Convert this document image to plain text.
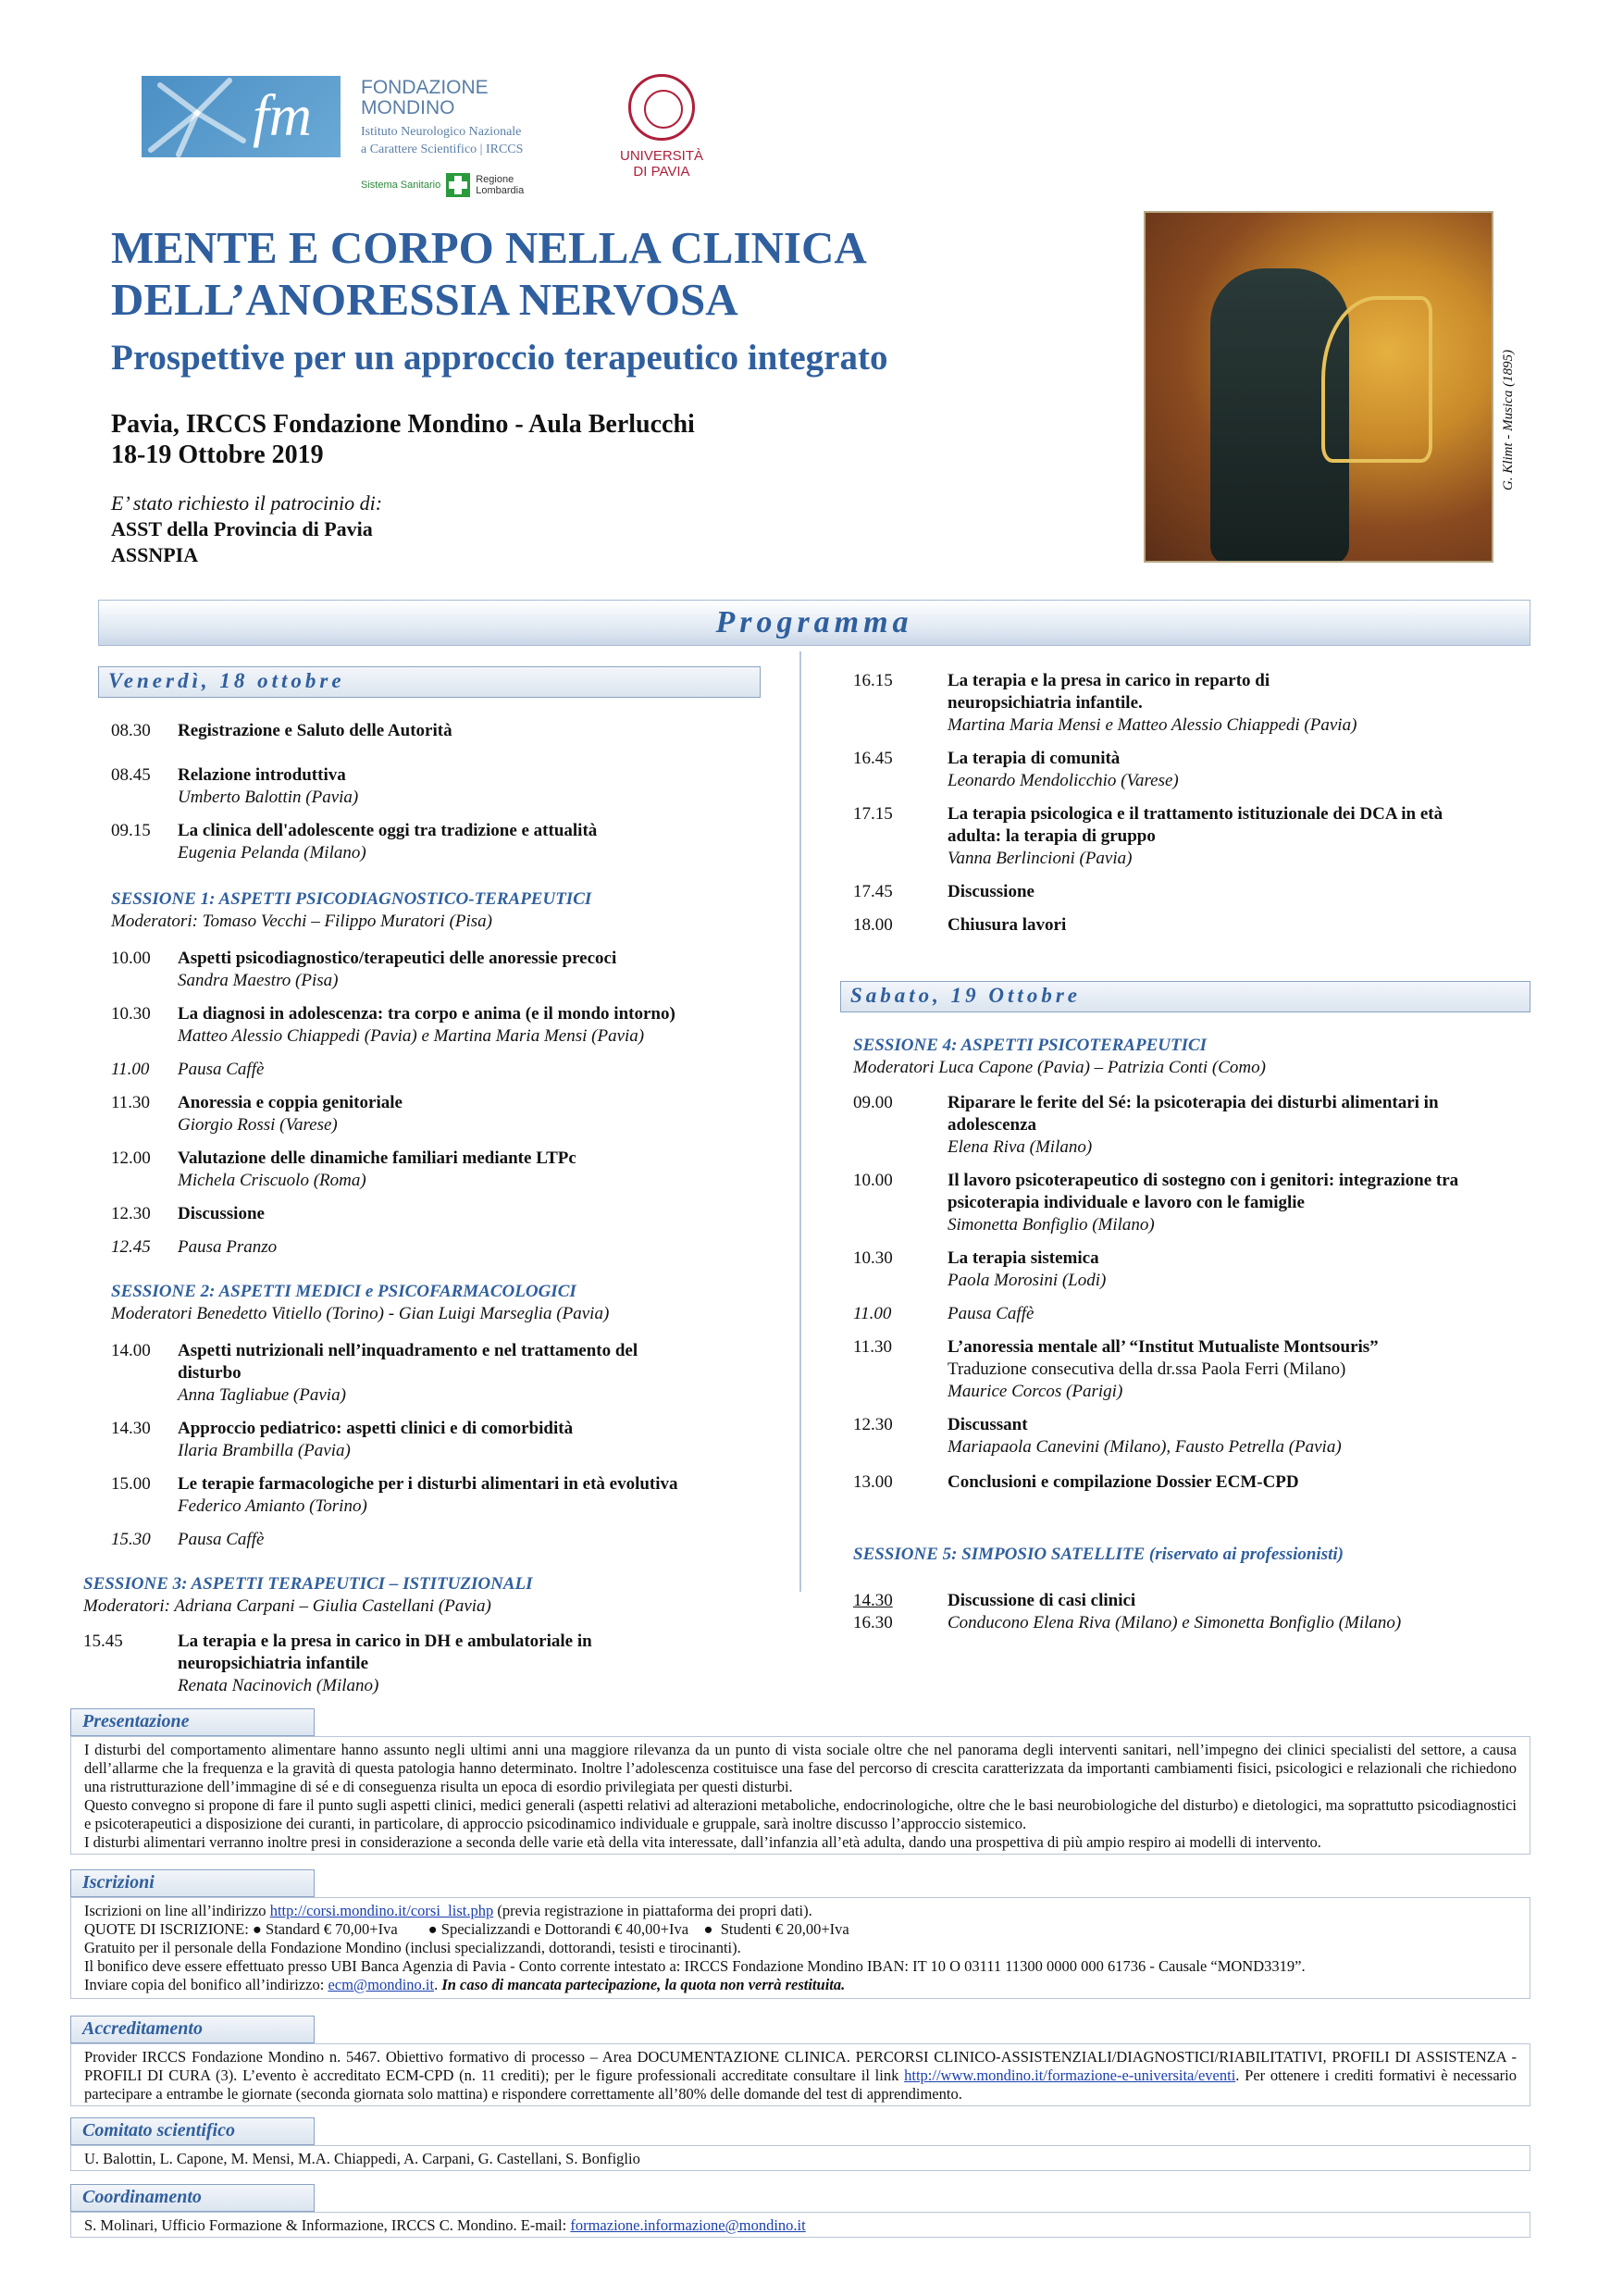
fm	FONDAZIONE MONDINO
Istituto Neurologico Nazionale
a Carattere Scientifico | IRCCS
Sistema Sanitario	Regione
Lombardia
UNIVERSITÀ
DI PAVIA
MENTE E CORPO NELLA CLINICA
DELL’ANORESSIA NERVOSA
Prospettive per un approccio terapeutico integrato
Pavia, IRCCS Fondazione Mondino - Aula Berlucchi
18-19 Ottobre 2019
E’ stato richiesto il patrocinio di:
ASST della Provincia di Pavia
ASSNPIA
G. Klimt - Musica (1895)
Programma
Venerdì, 18 ottobre
08.30 Registrazione e Saluto delle Autorità
08.45 Relazione introduttiva
Umberto Balottin (Pavia)
09.15 La clinica dell'adolescente oggi tra tradizione e attualità
Eugenia Pelanda (Milano)
SESSIONE 1: ASPETTI PSICODIAGNOSTICO-TERAPEUTICI
Moderatori: Tomaso Vecchi – Filippo Muratori (Pisa)
10.00 Aspetti psicodiagnostico/terapeutici delle anoressie precoci
Sandra Maestro (Pisa)
10.30 La diagnosi in adolescenza: tra corpo e anima (e il mondo intorno)
Matteo Alessio Chiappedi (Pavia) e Martina Maria Mensi (Pavia)
11.00 Pausa Caffè
11.30 Anoressia e coppia genitoriale
Giorgio Rossi (Varese)
12.00 Valutazione delle dinamiche familiari mediante LTPc
Michela Criscuolo (Roma)
12.30 Discussione
12.45 Pausa Pranzo
SESSIONE 2: ASPETTI MEDICI e PSICOFARMACOLOGICI
Moderatori Benedetto Vitiello (Torino) - Gian Luigi Marseglia (Pavia)
14.00 Aspetti nutrizionali nell’inquadramento e nel trattamento del
disturbo
Anna Tagliabue (Pavia)
14.30 Approccio pediatrico: aspetti clinici e di comorbidità
Ilaria Brambilla (Pavia)
15.00 Le terapie farmacologiche per i disturbi alimentari in età evolutiva
Federico Amianto (Torino)
15.30 Pausa Caffè
SESSIONE 3: ASPETTI TERAPEUTICI – ISTITUZIONALI
Moderatori: Adriana Carpani – Giulia Castellani (Pavia)
15.45	La terapia e la presa in carico in DH e ambulatoriale in
neuropsichiatria infantile
Renata Nacinovich (Milano)
16.15	La terapia e la presa in carico in reparto di
neuropsichiatria infantile.
Martina Maria Mensi e Matteo Alessio Chiappedi (Pavia)
16.45	La terapia di comunità
Leonardo Mendolicchio (Varese)
17.15	La terapia psicologica e il trattamento istituzionale dei DCA in età
adulta: la terapia di gruppo
Vanna Berlincioni (Pavia)
17.45	Discussione
18.00	Chiusura lavori
Sabato, 19 Ottobre
SESSIONE 4: ASPETTI PSICOTERAPEUTICI
Moderatori Luca Capone (Pavia) – Patrizia Conti (Como)
09.00	Riparare le ferite del Sé: la psicoterapia dei disturbi alimentari in
adolescenza
Elena Riva (Milano)
10.00	Il lavoro psicoterapeutico di sostegno con i genitori: integrazione tra
psicoterapia individuale e lavoro con le famiglie
Simonetta Bonfiglio (Milano)
10.30	La terapia sistemica
Paola Morosini (Lodi)
11.00	Pausa Caffè
11.30	L’anoressia mentale all’ “Institut Mutualiste Montsouris”
Traduzione consecutiva della dr.ssa Paola Ferri (Milano)
Maurice Corcos (Parigi)
12.30	Discussant
Mariapaola Canevini (Milano), Fausto Petrella (Pavia)
13.00	Conclusioni e compilazione Dossier ECM-CPD
SESSIONE 5: SIMPOSIO SATELLITE (riservato ai professionisti)
14.30	Discussione di casi clinici
16.30	Conducono Elena Riva (Milano) e Simonetta Bonfiglio (Milano)
Presentazione

I disturbi del comportamento alimentare hanno assunto negli ultimi anni una maggiore rilevanza da un punto di vista sociale oltre che nel panorama degli interventi sanitari, nell’impegno dei clinici specialisti del settore, a causa dell’allarme che la frequenza e la gravità di questa patologia hanno determinato. Inoltre l’adolescenza costituisce una fase del percorso di crescita caratterizzata da importanti cambiamenti fisici, psicologici e relazionali che richiedono una ristrutturazione dell’immagine di sé e di conseguenza risulta un epoca di esordio privilegiata per questi disturbi.

Questo convegno si propone di fare il punto sugli aspetti clinici, medici generali (aspetti relativi ad alterazioni metaboliche, endocrinologiche, oltre che le basi neurobiologiche del disturbo) e dietologici, ma soprattutto psicodiagnostici e psicoterapeutici a disposizione dei curanti, in particolare, di approccio psicodinamico individuale e gruppale, sarà inoltre discusso l’approccio sistemico.

I disturbi alimentari verranno inoltre presi in considerazione a seconda delle varie età della vita interessate, dall’infanzia all’età adulta, dando una prospettiva di più ampio respiro ai modelli di intervento.

Iscrizioni

Iscrizioni on line all’indirizzo http://corsi.mondino.it/corsi_list.php (previa registrazione in piattaforma dei propri dati).

QUOTE DI ISCRIZIONE: ● Standard € 70,00+Iva        ● Specializzandi e Dottorandi € 40,00+Iva    ●  Studenti € 20,00+Iva

Gratuito per il personale della Fondazione Mondino (inclusi specializzandi, dottorandi, tesisti e tirocinanti).

Il bonifico deve essere effettuato presso UBI Banca Agenzia di Pavia - Conto corrente intestato a: IRCCS Fondazione Mondino IBAN: IT 10 O 03111 11300 0000 000 61736 - Causale “MOND3319”.

Inviare copia del bonifico all’indirizzo: ecm@mondino.it. In caso di mancata partecipazione, la quota non verrà restituita.

Accreditamento

Provider IRCCS Fondazione Mondino n. 5467. Obiettivo formativo di processo – Area DOCUMENTAZIONE CLINICA. PERCORSI CLINICO-ASSISTENZIALI/DIAGNOSTICI/RIABILITATIVI, PROFILI DI ASSISTENZA - PROFILI DI CURA (3). L’evento è accreditato ECM-CPD (n. 11 crediti); per le figure professionali accreditate consultare il link http://www.mondino.it/formazione-e-universita/eventi. Per ottenere i crediti formativi è necessario partecipare a entrambe le giornate (seconda giornata solo mattina) e rispondere correttamente all’80% delle domande del test di apprendimento.

Comitato scientifico

U. Balottin, L. Capone, M. Mensi, M.A. Chiappedi, A. Carpani, G. Castellani, S. Bonfiglio

Coordinamento

S. Molinari, Ufficio Formazione & Informazione, IRCCS C. Mondino. E-mail: formazione.informazione@mondino.it
